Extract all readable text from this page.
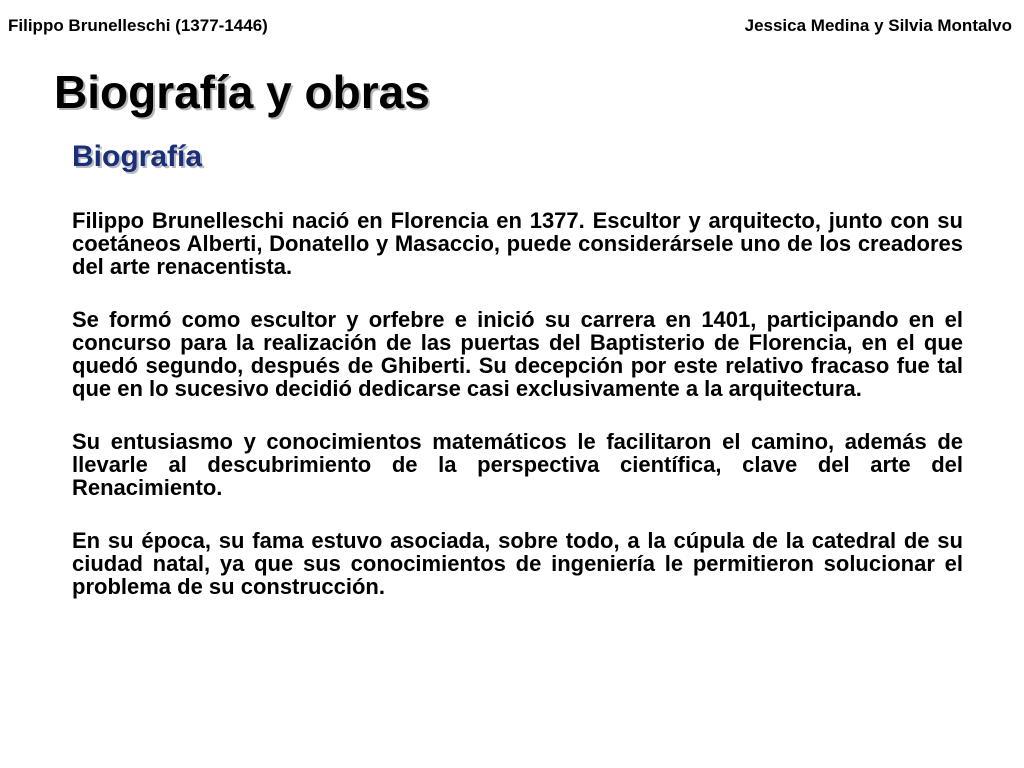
Filippo Brunelleschi (1377-1446)	Jessica Medina y Silvia Montalvo
Biografía y obras
Biografía

Filippo Brunelleschi nació en Florencia en 1377. Escultor y arquitecto, junto con su coetáneos Alberti, Donatello y Masaccio, puede considerársele uno de los creadores del arte renacentista.

Se formó como escultor y orfebre e inició su carrera en 1401, participando en el concurso para la realización de las puertas del Baptisterio de Florencia, en el que quedó segundo, después de Ghiberti. Su decepción por este relativo fracaso fue tal que en lo sucesivo decidió dedicarse casi exclusivamente a la arquitectura.

Su entusiasmo y conocimientos matemáticos le facilitaron el camino, además de llevarle al descubrimiento de la perspectiva científica, clave del arte del Renacimiento.

En su época, su fama estuvo asociada, sobre todo, a la cúpula de la catedral de su ciudad natal, ya que sus conocimientos de ingeniería le permitieron solucionar el problema de su construcción.
